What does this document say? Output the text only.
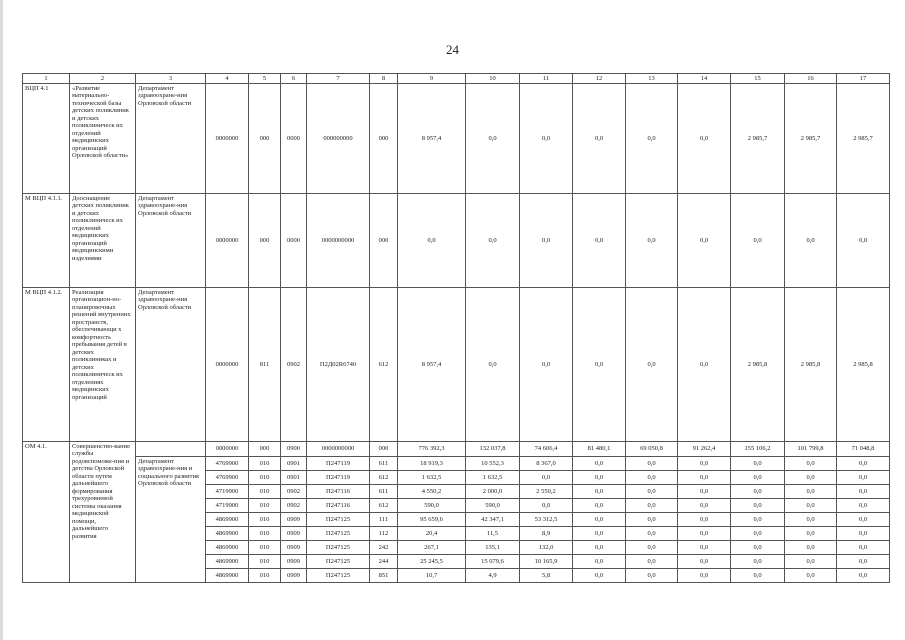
24
1	2	3	4	5	6	7	8	9	10	11	12	13	14	15	16	17
ВЦП 4.1	«Развитие материально-технической базы детских поликлиник и детских поликлиническ их отделений медицинских организаций Орловской области»	Департамент здравоохране-ния Орловской области	0000000	000	0000	000000000	000	8 957,4	0,0	0,0	0,0	0,0	0,0	2 985,7	2 985,7	2 985,7
М ВЦП 4.1.1.	Дооснащение детских поликлиник и детских поликлиническ их отделений медицинских организаций медицинскими изделиями	Департамент здравоохране-ния Орловской области	0000000	000	0000	0000000000	000	0,0	0,0	0,0	0,0	0,0	0,0	0,0	0,0	0,0
М ВЦП 4.1.2.	Реализация организацион-но-планировочных решений внутренних пространств, обеспечивающи х комфортность пребывания детей в детских поликлиниках и детских поликлиническ их отделениях медицинских организаций	Департамент здравоохране-ния Орловской области	0000000	811	0902	П2Д02R6740	612	8 957,4	0,0	0,0	0,0	0,0	0,0	2 985,8	2 985,8	2 985,8
ОМ 4.1.	Совершенство-вание службы родовспоможе-ния и детства Орловской области путем дальнейшего формирования трехуровневой системы оказания медицинской помощи, дальнейшего развития		0000000	000	0900	0000000000	000	776 392,3	132 037,8	74 606,4	81 480,1	69 050,8	91 262,4	155 106,2	101 799,8	71 048,8
		Департамент здравоохране-ния и социального развития Орловской области	4769900	010	0901	П247119	611	18 919,3	10 552,3	8 367,0	0,0	0,0	0,0	0,0	0,0	0,0
			4769900	010	0901	П247119	612	1 632,5	1 632,5	0,0	0,0	0,0	0,0	0,0	0,0	0,0
			4719900	010	0902	П247116	611	4 550,2	2 000,0	2 550,2	0,0	0,0	0,0	0,0	0,0	0,0
			4719900	010	0902	П247116	612	590,0	590,0	0,0	0,0	0,0	0,0	0,0	0,0	0,0
			4869900	010	0909	П247125	111	95 659,6	42 347,1	53 312,5	0,0	0,0	0,0	0,0	0,0	0,0
			4869900	010	0909	П247125	112	20,4	11,5	8,9	0,0	0,0	0,0	0,0	0,0	0,0
			4869900	010	0909	П247125	242	267,1	135,1	132,0	0,0	0,0	0,0	0,0	0,0	0,0
			4869900	010	0909	П247125	244	25 245,5	15 079,6	10 165,9	0,0	0,0	0,0	0,0	0,0	0,0
			4869900	010	0909	П247125	851	10,7	4,9	5,8	0,0	0,0	0,0	0,0	0,0	0,0
